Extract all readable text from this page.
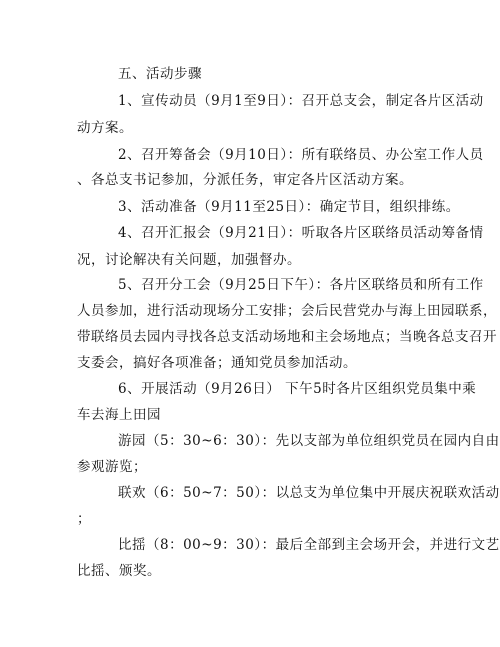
五、活动步骤
1、宣传动员（9月1至9日）：召开总支会，制定各片区活动
动方案。
2、召开筹备会（9月10日）：所有联络员、办公室工作人员
、各总支书记参加，分派任务，审定各片区活动方案。
3、活动准备（9月11至25日）：确定节目，组织排练。
4、召开汇报会（9月21日）：听取各片区联络员活动筹备情
况，讨论解决有关问题，加强督办。
5、召开分工会（9月25日下午）：各片区联络员和所有工作
人员参加，进行活动现场分工安排；会后民营党办与海上田园联系，
带联络员去园内寻找各总支活动场地和主会场地点；当晚各总支召开
支委会，搞好各项准备；通知党员参加活动。
6、开展活动（9月26日） 下午5时各片区组织党员集中乘
车去海上田园
游园（5：30~6：30）：先以支部为单位组织党员在园内自由
参观游览；
联欢（6：50~7：50）：以总支为单位集中开展庆祝联欢活动
；
比揺（8：00~9：30）：最后全部到主会场开会，并进行文艺
比揺、颁奖。
